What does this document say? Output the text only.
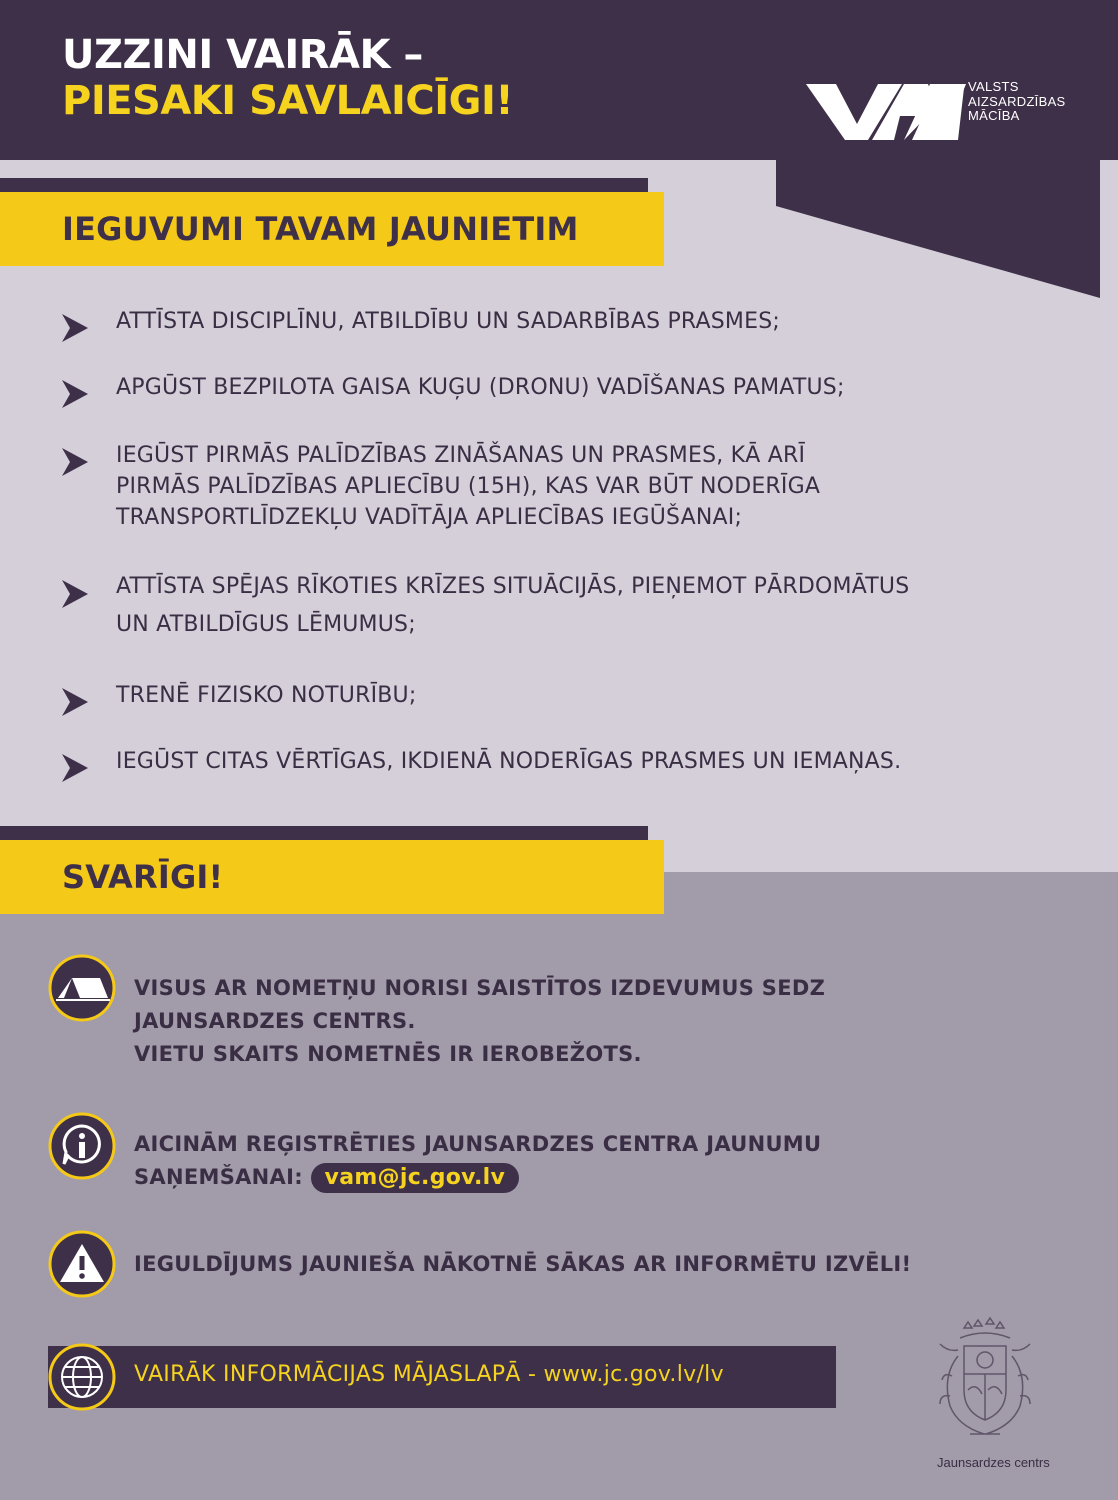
VALSTS
AIZSARDZĪBAS
MĀCĪBA
UZZINI VAIRĀK –
PIESAKI SAVLAICĪGI!
IEGUVUMI TAVAM JAUNIETIM
ATTĪSTA DISCIPLĪNU, ATBILDĪBU UN SADARBĪBAS PRASMES;
APGŪST BEZPILOTA GAISA KUĢU (DRONU) VADĪŠANAS PAMATUS;
IEGŪST PIRMĀS PALĪDZĪBAS ZINĀŠANAS UN PRASMES, KĀ ARĪ
PIRMĀS PALĪDZĪBAS APLIECĪBU (15H), KAS VAR BŪT NODERĪGA
TRANSPORTLĪDZEKĻU VADĪTĀJA APLIECĪBAS IEGŪŠANAI;
ATTĪSTA SPĒJAS RĪKOTIES KRĪZES SITUĀCIJĀS, PIEŅEMOT PĀRDOMĀTUS
UN ATBILDĪGUS LĒMUMUS;
TRENĒ FIZISKO NOTURĪBU;
IEGŪST CITAS VĒRTĪGAS, IKDIENĀ NODERĪGAS PRASMES UN IEMAŅAS.
SVARĪGI!
VISUS AR NOMETŅU NORISI SAISTĪTOS IZDEVUMUS SEDZ
JAUNSARDZES CENTRS.
VIETU SKAITS NOMETNĒS IR IEROBEŽOTS.
AICINĀM REĢISTRĒTIES JAUNSARDZES CENTRA JAUNUMU
SAŅEMŠANAI: vam@jc.gov.lv
IEGULDĪJUMS JAUNIEŠA NĀKOTNĒ SĀKAS AR INFORMĒTU IZVĒLI!
VAIRĀK INFORMĀCIJAS MĀJASLAPĀ - www.jc.gov.lv/lv
Jaunsardzes centrs
